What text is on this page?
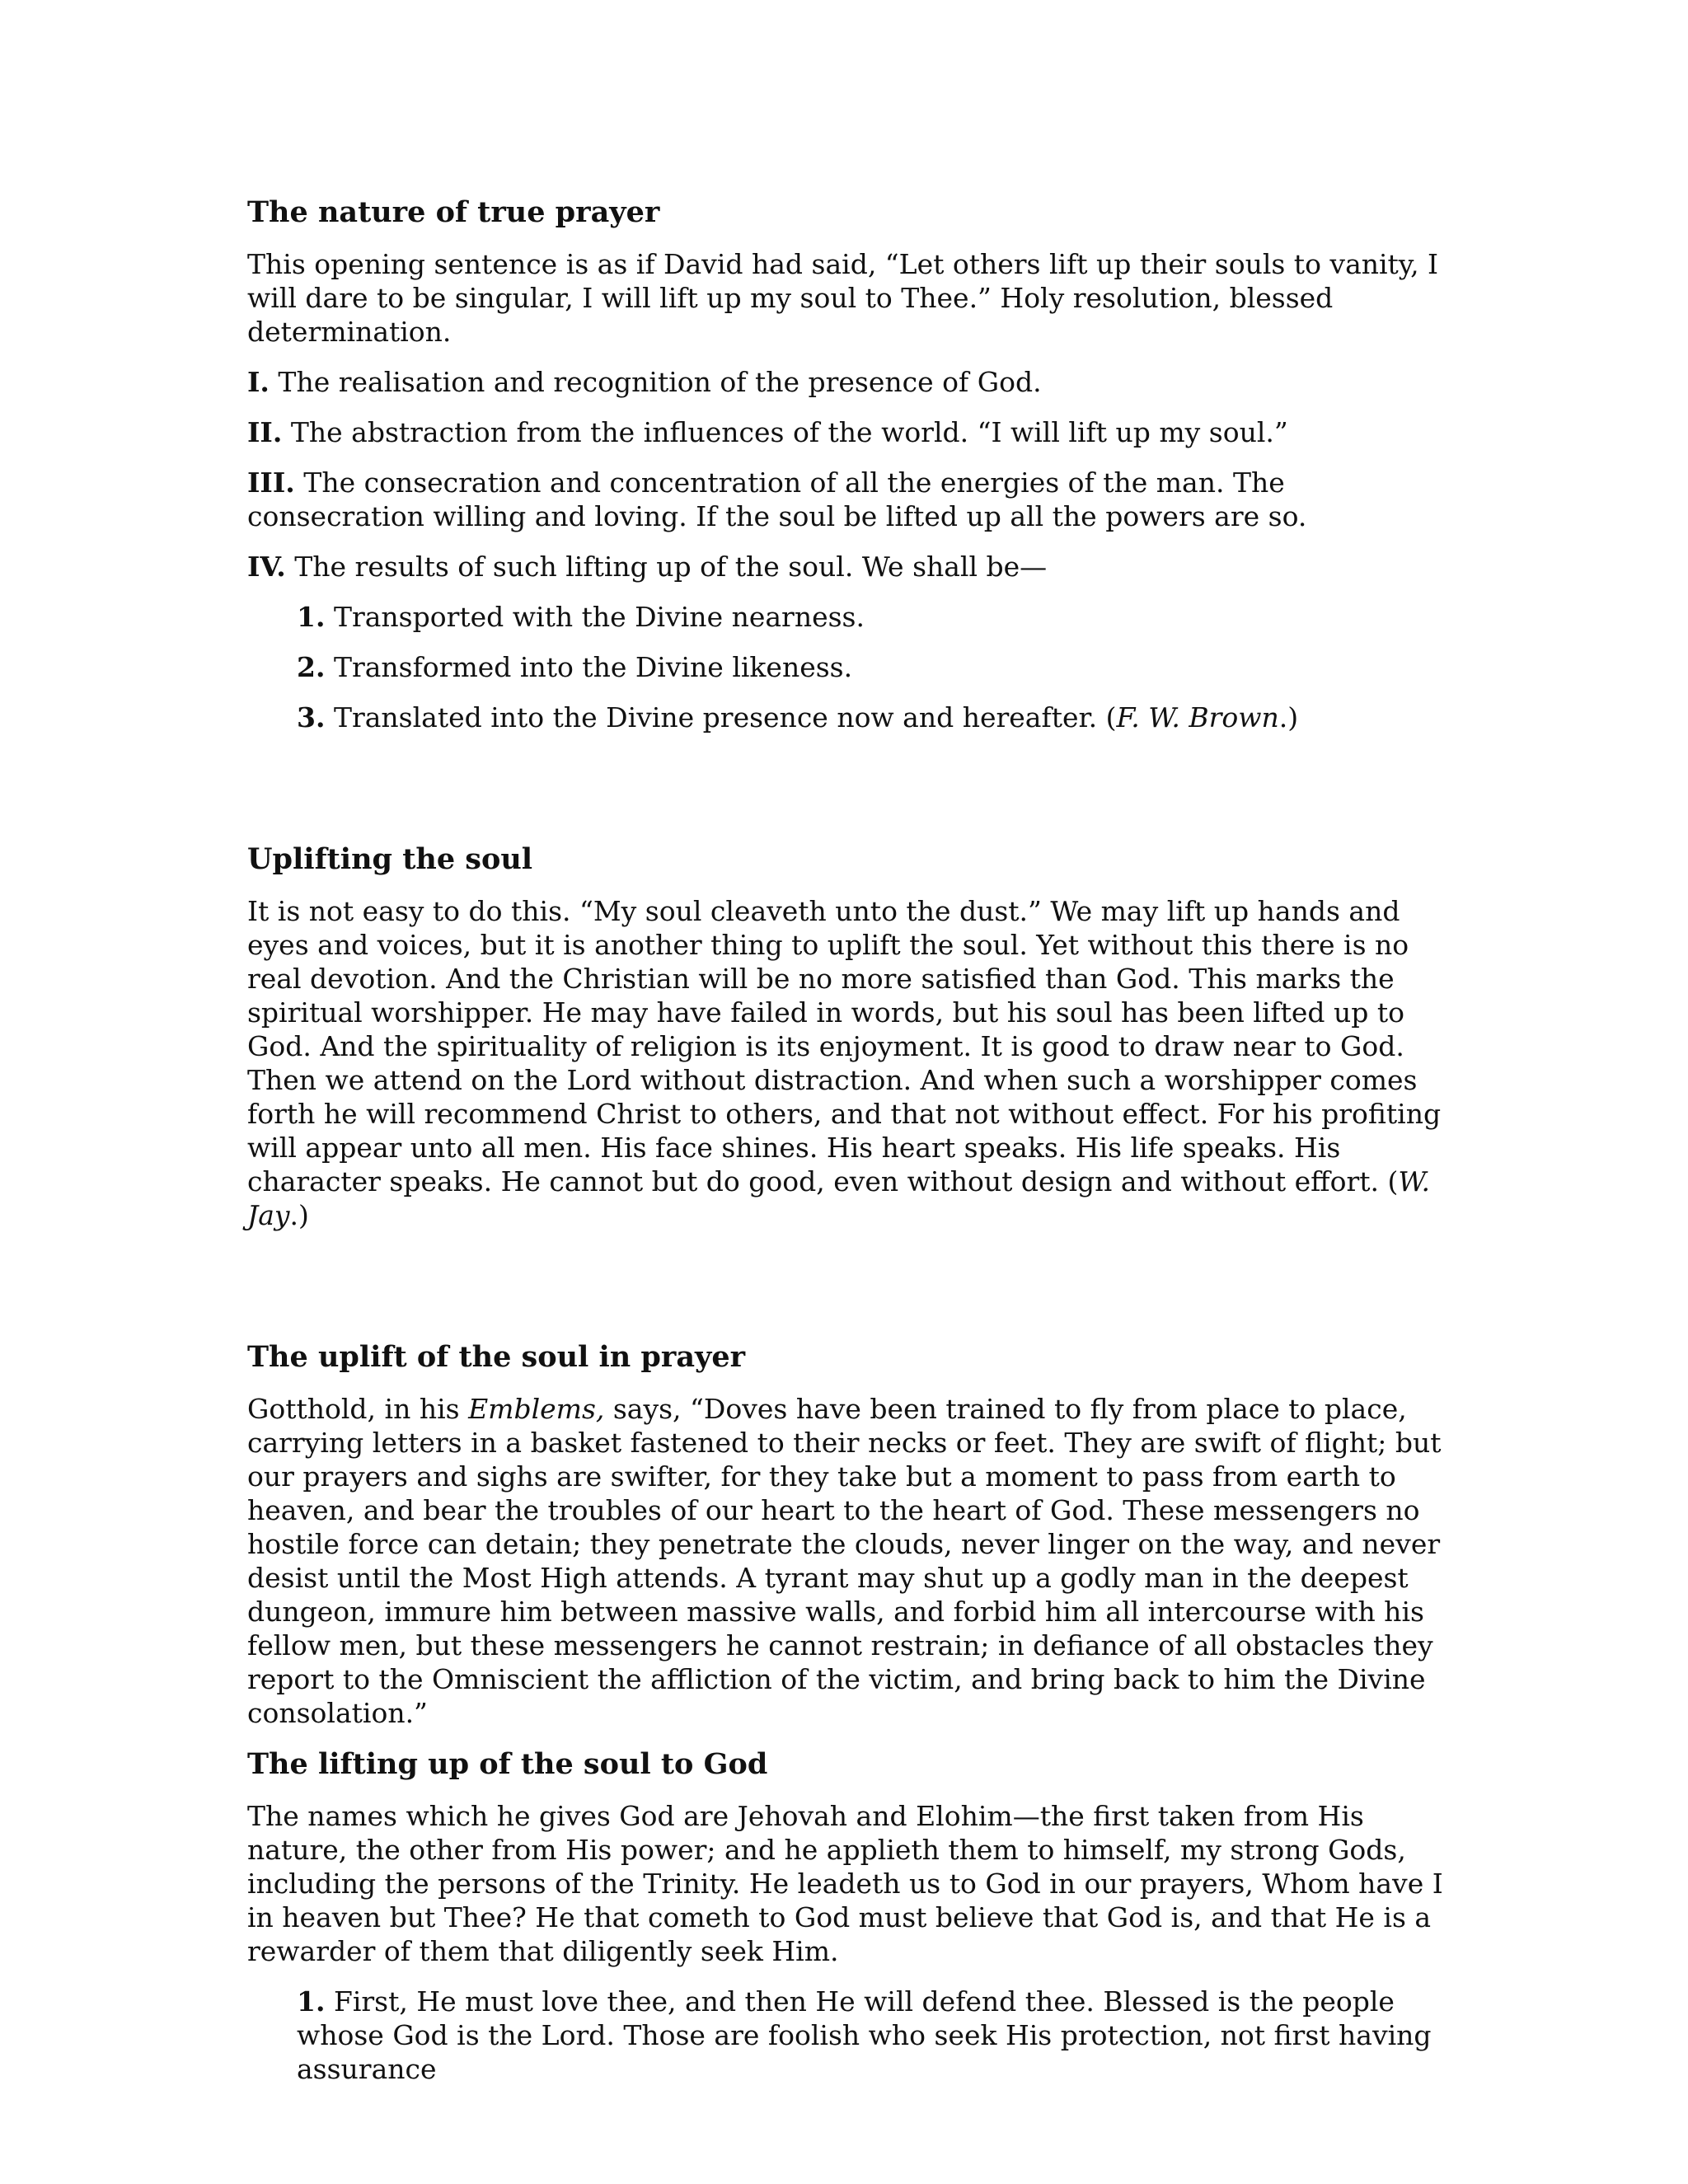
The nature of true prayer

This opening sentence is as if David had said, “Let others lift up their souls to vanity, I will dare to be singular, I will lift up my soul to Thee.” Holy resolution, blessed determination.

I. The realisation and recognition of the presence of God.

II. The abstraction from the influences of the world. “I will lift up my soul.”

III. The consecration and concentration of all the energies of the man. The consecration willing and loving. If the soul be lifted up all the powers are so.

IV. The results of such lifting up of the soul. We shall be—

1. Transported with the Divine nearness.

2. Transformed into the Divine likeness.

3. Translated into the Divine presence now and hereafter. (F. W. Brown.)

Uplifting the soul

It is not easy to do this. “My soul cleaveth unto the dust.” We may lift up hands and eyes and voices, but it is another thing to uplift the soul. Yet without this there is no real devotion. And the Christian will be no more satisfied than God. This marks the spiritual worshipper. He may have failed in words, but his soul has been lifted up to God. And the spirituality of religion is its enjoyment. It is good to draw near to God. Then we attend on the Lord without distraction. And when such a worshipper comes forth he will recommend Christ to others, and that not without effect. For his profiting will appear unto all men. His face shines. His heart speaks. His life speaks. His character speaks. He cannot but do good, even without design and without effort. (W. Jay.)

The uplift of the soul in prayer

Gotthold, in his Emblems, says, “Doves have been trained to fly from place to place, carrying letters in a basket fastened to their necks or feet. They are swift of flight; but our prayers and sighs are swifter, for they take but a moment to pass from earth to heaven, and bear the troubles of our heart to the heart of God. These messengers no hostile force can detain; they penetrate the clouds, never linger on the way, and never desist until the Most High attends. A tyrant may shut up a godly man in the deepest dungeon, immure him between massive walls, and forbid him all intercourse with his fellow men, but these messengers he cannot restrain; in defiance of all obstacles they report to the Omniscient the affliction of the victim, and bring back to him the Divine consolation.”

The lifting up of the soul to God

The names which he gives God are Jehovah and Elohim—the first taken from His nature, the other from His power; and he applieth them to himself, my strong Gods, including the persons of the Trinity. He leadeth us to God in our prayers, Whom have I in heaven but Thee? He that cometh to God must believe that God is, and that He is a rewarder of them that diligently seek Him.

1. First, He must love thee, and then He will defend thee. Blessed is the people whose God is the Lord. Those are foolish who seek His protection, not first having assurance
